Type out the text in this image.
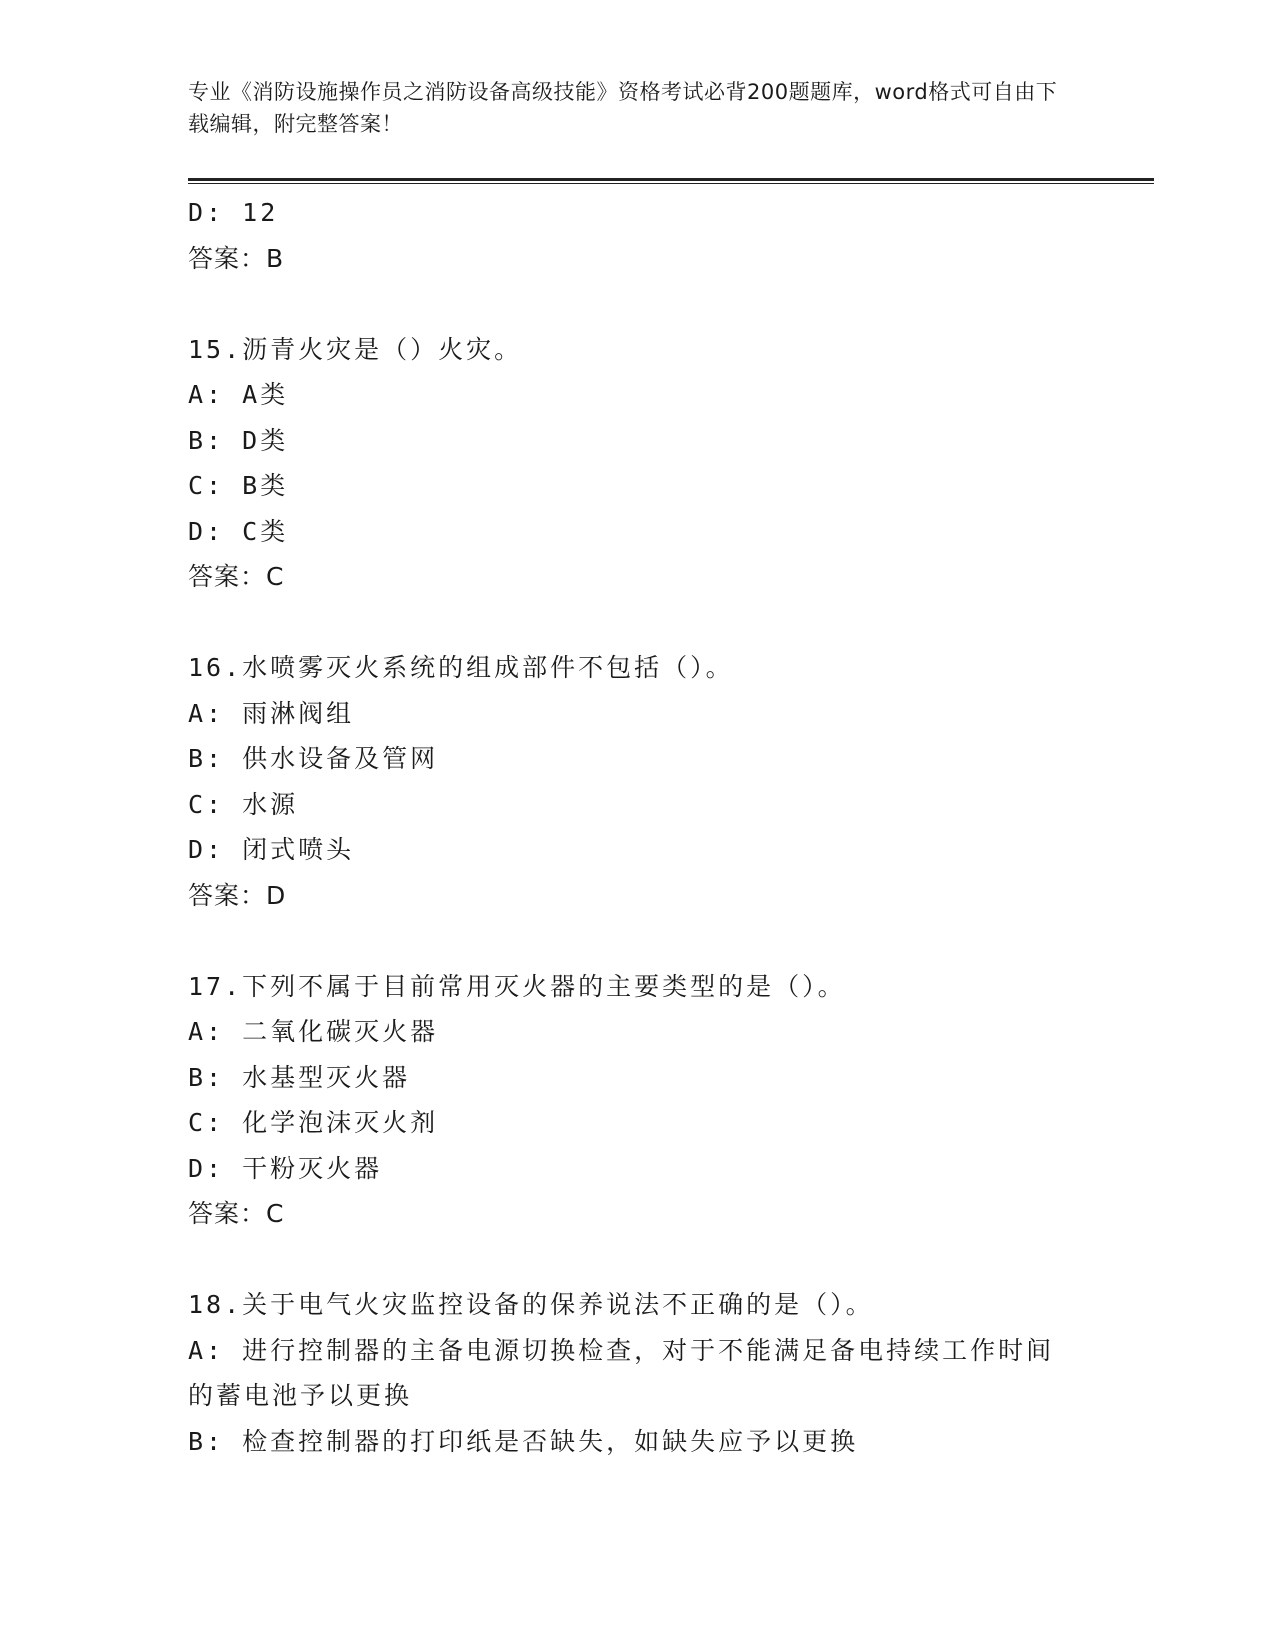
专业《消防设施操作员之消防设备高级技能》资格考试必背200题题库，word格式可自由下载编辑，附完整答案！
D: 12
答案：B
15.沥青火灾是（）火灾。
A: A类
B: D类
C: B类
D: C类
答案：C
16.水喷雾灭火系统的组成部件不包括（）。
A: 雨淋阀组
B: 供水设备及管网
C: 水源
D: 闭式喷头
答案：D
17.下列不属于目前常用灭火器的主要类型的是（）。
A: 二氧化碳灭火器
B: 水基型灭火器
C: 化学泡沫灭火剂
D: 干粉灭火器
答案：C
18.关于电气火灾监控设备的保养说法不正确的是（）。
A: 进行控制器的主备电源切换检查，对于不能满足备电持续工作时间的蓄电池予以更换
B: 检查控制器的打印纸是否缺失，如缺失应予以更换
